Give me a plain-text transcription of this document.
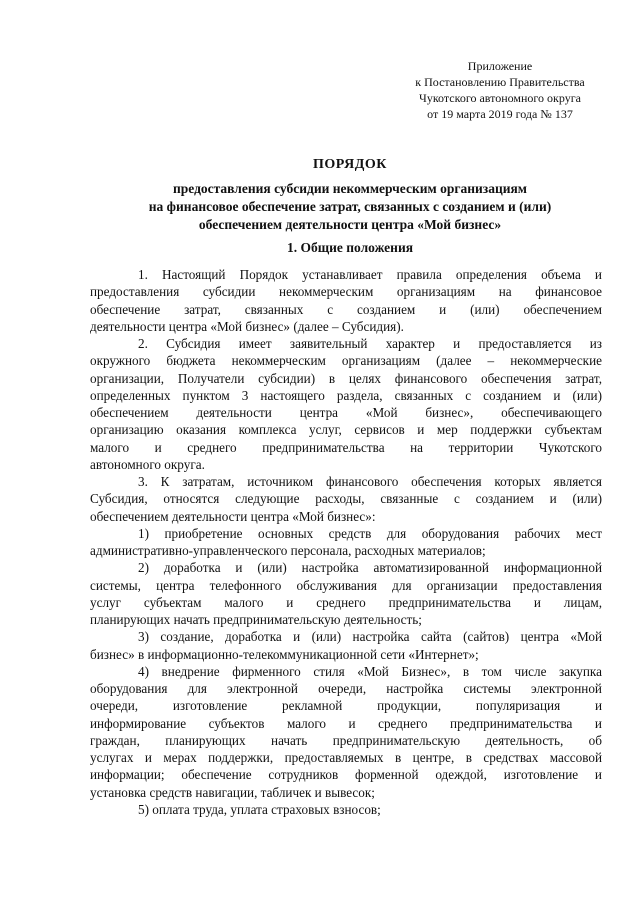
Приложение
к Постановлению Правительства
Чукотского автономного округа
от 19 марта 2019 года № 137
ПОРЯДОК
предоставления субсидии некоммерческим организациям
на финансовое обеспечение затрат, связанных с созданием и (или)
обеспечением деятельности центра «Мой бизнес»
1. Общие положения
1. Настоящий Порядок устанавливает правила определения объема и
предоставления субсидии некоммерческим организациям на финансовое
обеспечение затрат, связанных с созданием и (или) обеспечением
деятельности центра «Мой бизнес» (далее – Субсидия).
2. Субсидия имеет заявительный характер и предоставляется из
окружного бюджета некоммерческим организациям (далее – некоммерческие
организации, Получатели субсидии) в целях финансового обеспечения затрат,
определенных пунктом 3 настоящего раздела, связанных с созданием и (или)
обеспечением деятельности центра «Мой бизнес», обеспечивающего
организацию оказания комплекса услуг, сервисов и мер поддержки субъектам
малого и среднего предпринимательства на территории Чукотского
автономного округа.
3. К затратам, источником финансового обеспечения которых является
Субсидия, относятся следующие расходы, связанные с созданием и (или)
обеспечением деятельности центра «Мой бизнес»:
1) приобретение основных средств для оборудования рабочих мест
административно-управленческого персонала, расходных материалов;
2) доработка и (или) настройка автоматизированной информационной
системы, центра телефонного обслуживания для организации предоставления
услуг субъектам малого и среднего предпринимательства и лицам,
планирующих начать предпринимательскую деятельность;
3) создание, доработка и (или) настройка сайта (сайтов) центра «Мой
бизнес» в информационно-телекоммуникационной сети «Интернет»;
4) внедрение фирменного стиля «Мой Бизнес», в том числе закупка
оборудования для электронной очереди, настройка системы электронной
очереди, изготовление рекламной продукции, популяризация и
информирование субъектов малого и среднего предпринимательства и
граждан, планирующих начать предпринимательскую деятельность, об
услугах и мерах поддержки, предоставляемых в центре, в средствах массовой
информации; обеспечение сотрудников форменной одеждой, изготовление и
установка средств навигации, табличек и вывесок;
5) оплата труда, уплата страховых взносов;
